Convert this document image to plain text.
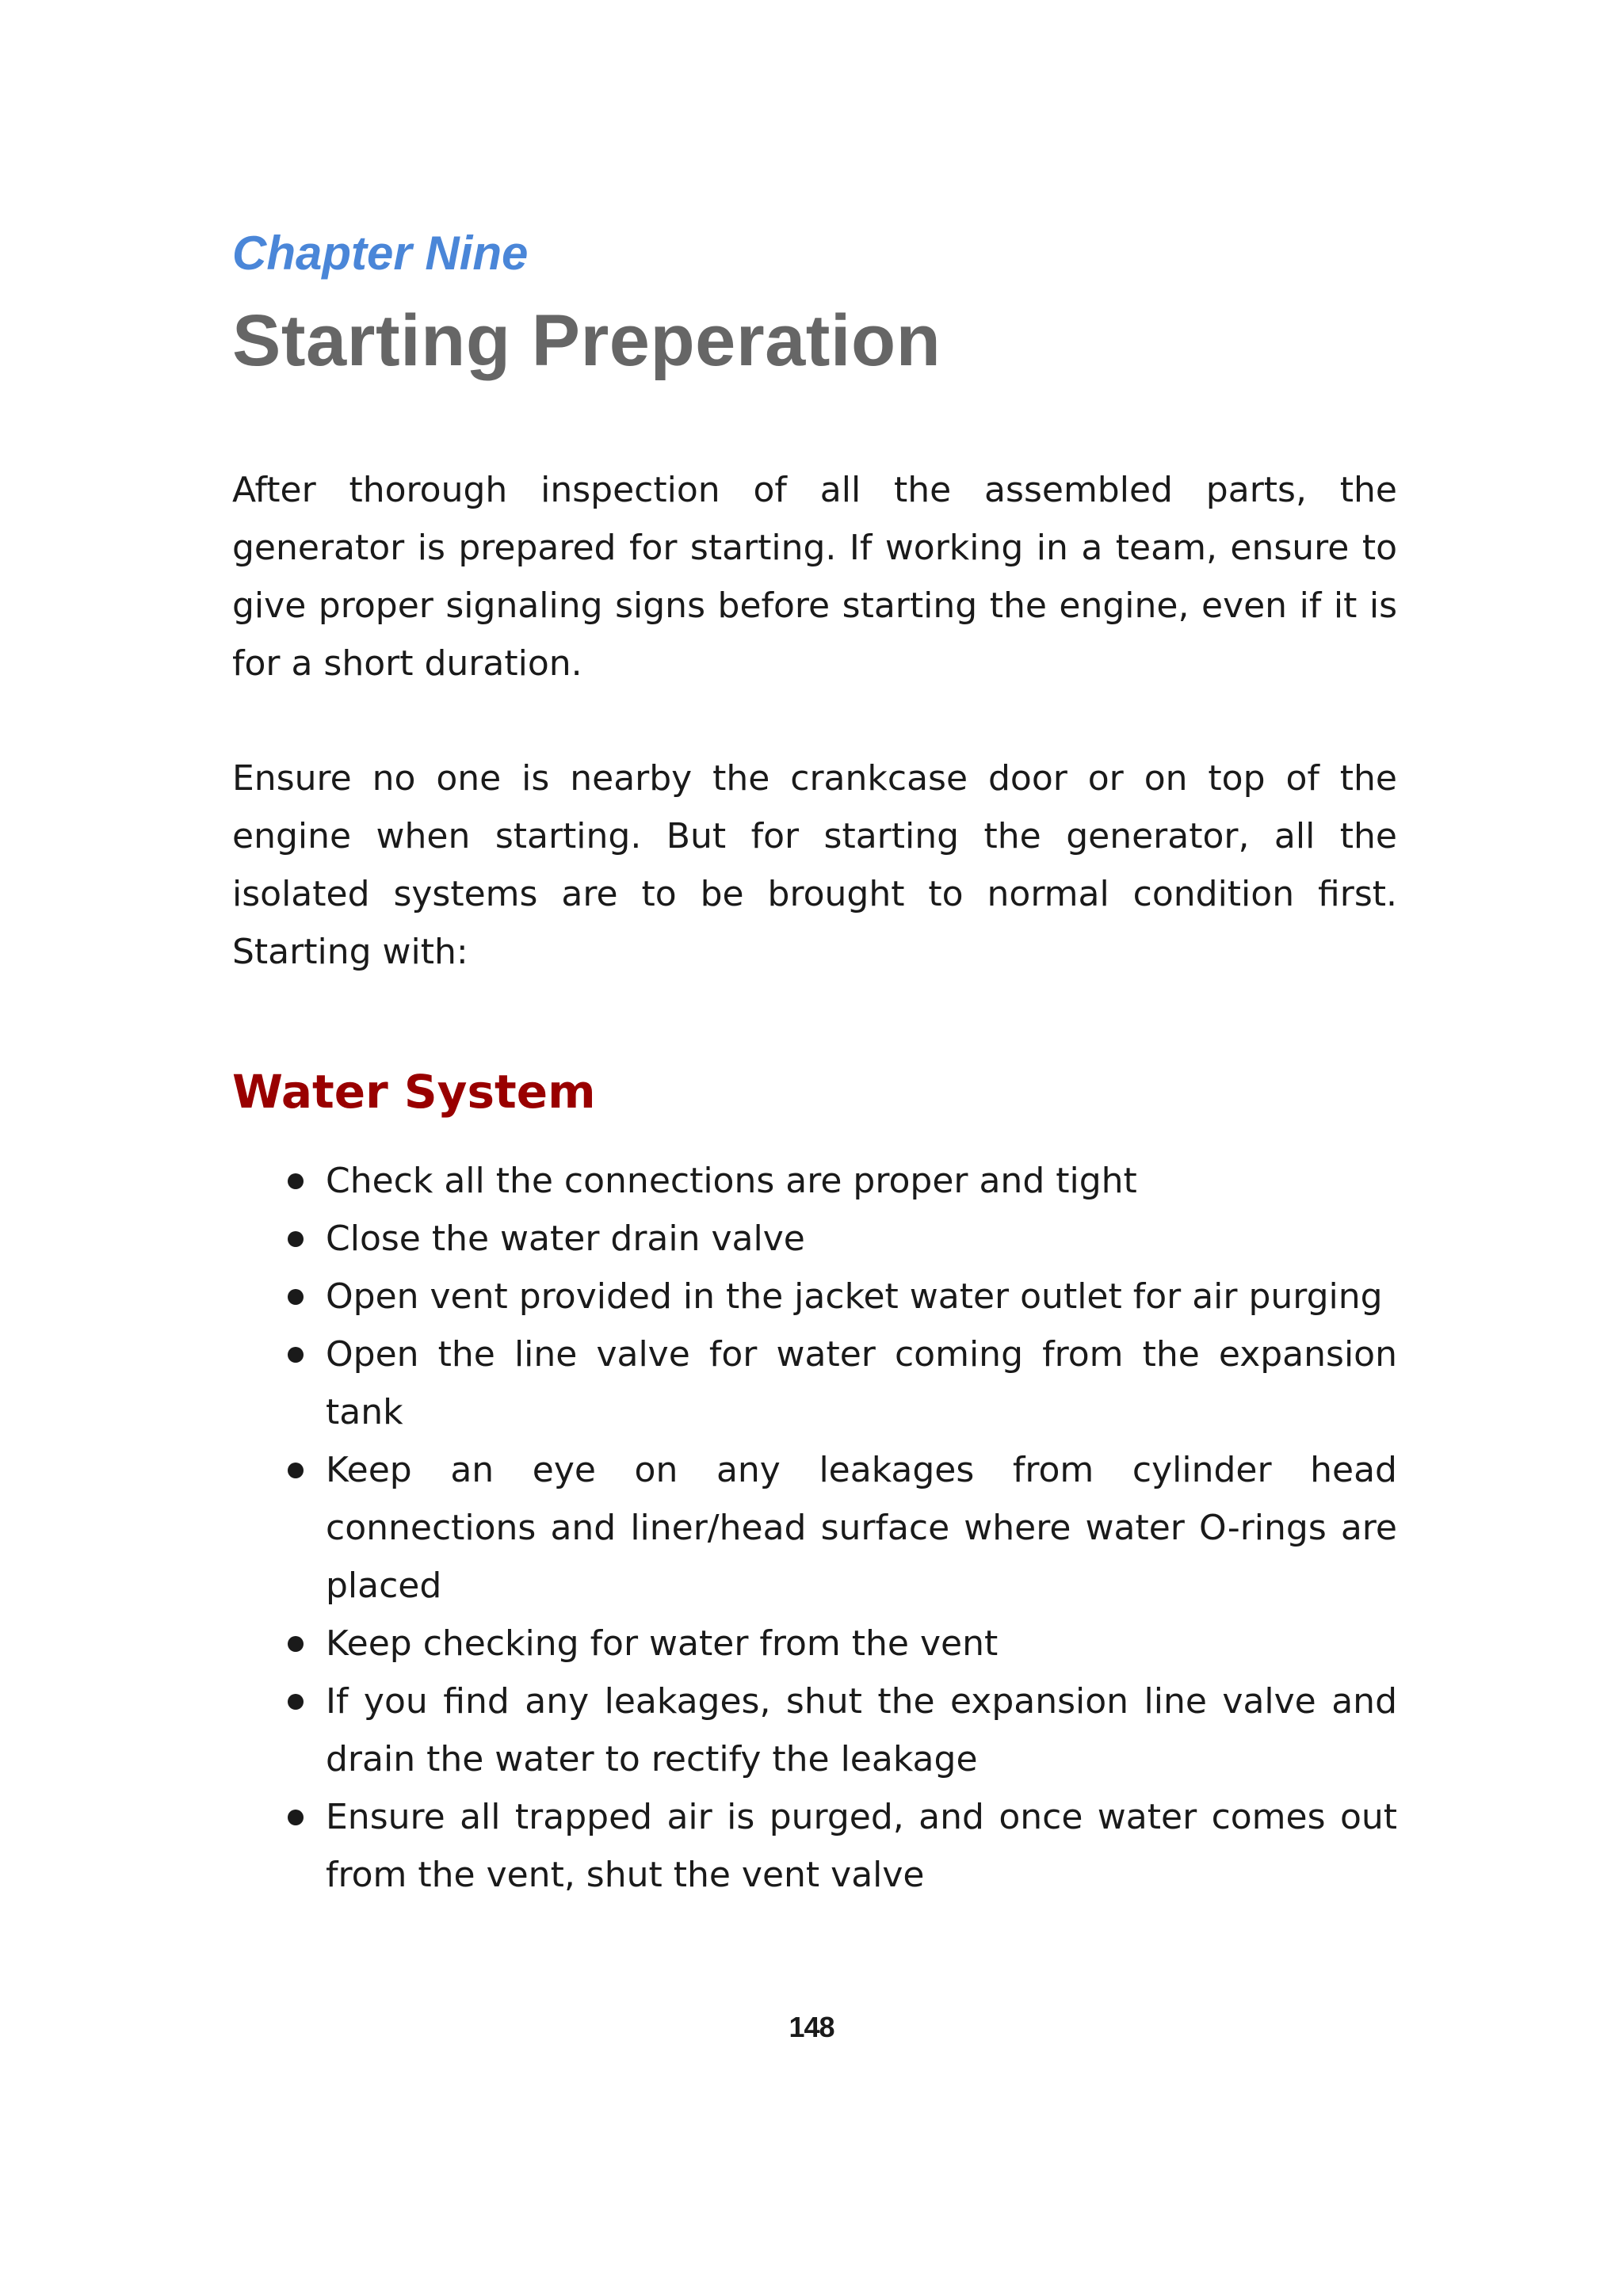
Chapter Nine

Starting Preperation

After thorough inspection of all the assembled parts, the generator is prepared for starting. If working in a team, ensure to give proper signaling signs before starting the engine, even if it is for a short duration.

Ensure no one is nearby the crankcase door or on top of the engine when starting. But for starting the generator, all the isolated systems are to be brought to normal condition first. Starting with:

Water System
Check all the connections are proper and tight
Close the water drain valve
Open vent provided in the jacket water outlet for air purging
Open the line valve for water coming from the expansion tank
Keep an eye on any leakages from cylinder head connections and liner/head surface where water O-rings are placed
Keep checking for water from the vent
If you find any leakages, shut the expansion line valve and drain the water to rectify the leakage
Ensure all trapped air is purged, and once water comes out from the vent, shut the vent valve
148
